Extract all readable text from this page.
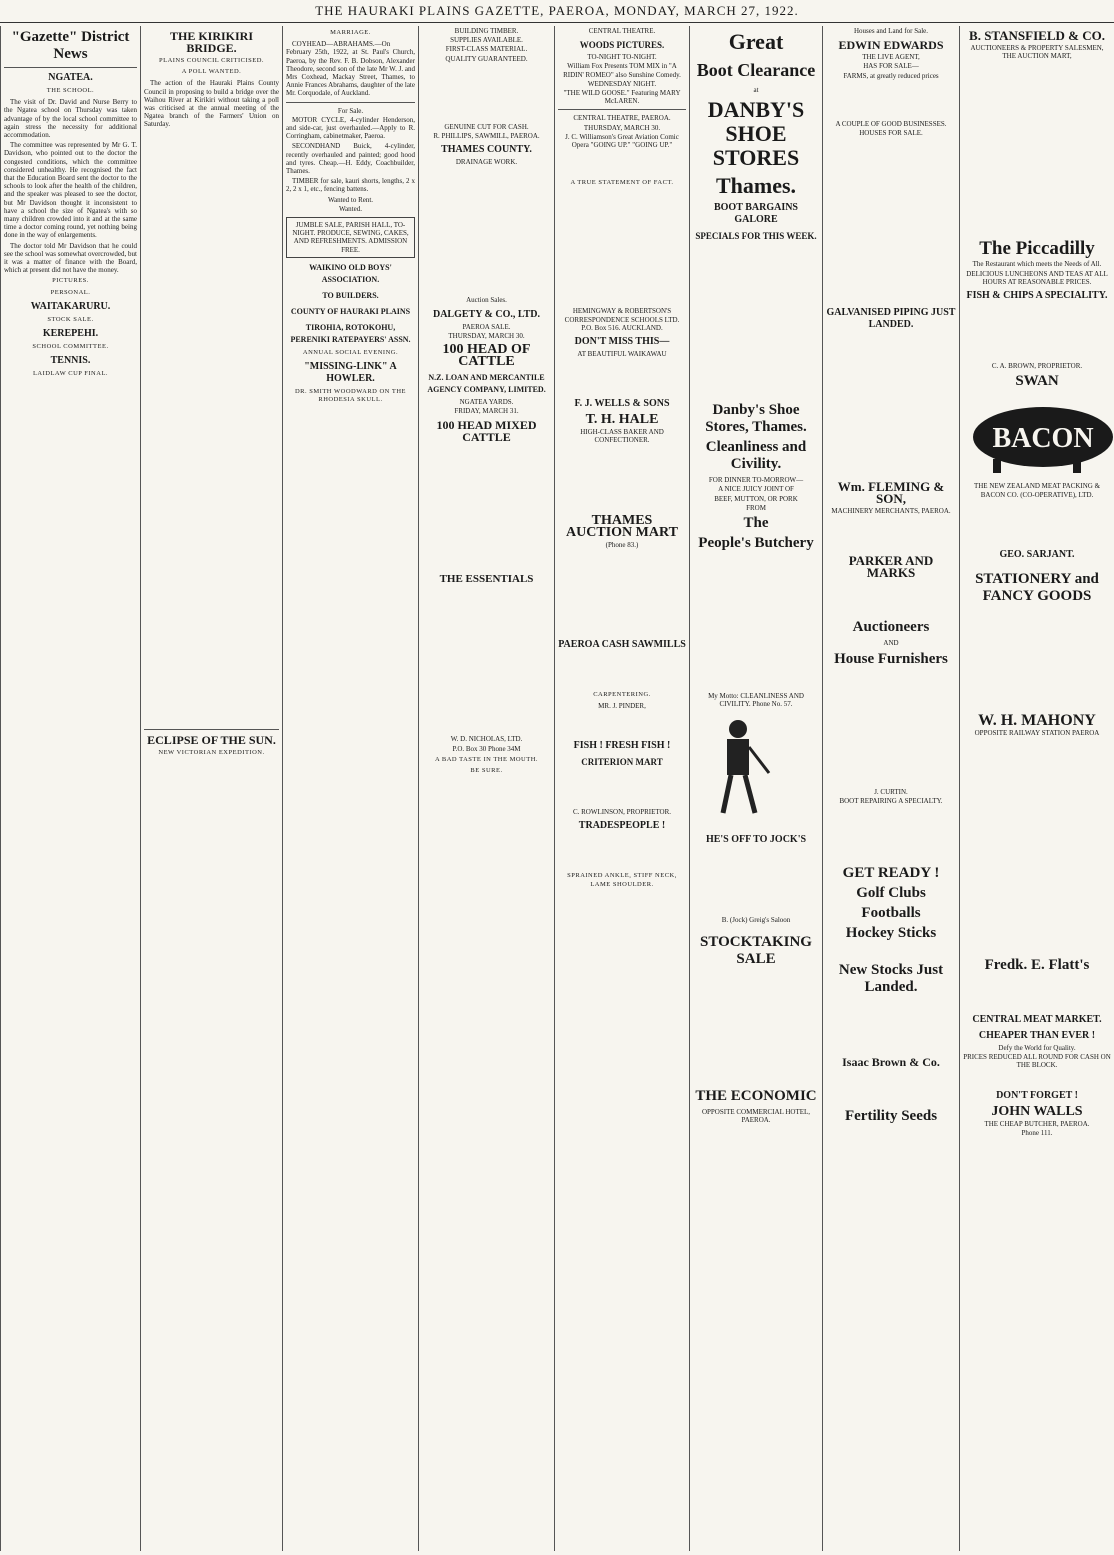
THE HAURAKI PLAINS GAZETTE, PAEROA, MONDAY, MARCH 27, 1922.
"Gazette" District News
NGATEA.
THE SCHOOL.

The visit of Dr. David and Nurse Berry to the Ngatea school on Thursday was taken advantage of by the local school committee to again stress the necessity for additional accommodation.

The committee was represented by Mr G. T. Davidson, who pointed out to the doctor the congested conditions, which the committee considered unhealthy. He recognised the fact that the Education Board sent the doctor to the schools to look after the health of the children, and the speaker was pleased to see the doctor, but Mr Davidson thought it inconsistent to have a school the size of Ngatea's with so many children crowded into it and at the same time a doctor coming round, yet nothing being done in the way of enlargements.

The doctor told Mr Davidson that he could see the school was somewhat overcrowded, but it was a matter of finance with the Board, which at present did not have the money.

PICTURES.
PERSONAL.
WAITAKARURU.
STOCK SALE.
KEREPEHI.
SCHOOL COMMITTEE.
TENNIS.
LAIDLAW CUP FINAL.
THE KIRIKIRI BRIDGE.
PLAINS COUNCIL CRITICISED.
A POLL WANTED.

The action of the Hauraki Plains County Council in proposing to build a bridge over the Waihou River at Kirikiri without taking a poll was criticised at the annual meeting of the Ngatea branch of the Farmers' Union on Saturday.

ECLIPSE OF THE SUN.
NEW VICTORIAN EXPEDITION.
MARRIAGE.

COYHEAD—ABRAHAMS.—On February 25th, 1922, at St. Paul's Church, Paeroa, by the Rev. F. B. Dobson, Alexander Theodore, second son of the late Mr W. J. and Mrs Coxhead, Mackay Street, Thames, to Annie Frances Abrahams, daughter of the late Mr. Corquodale, of Auckland.

For Sale.

MOTOR CYCLE, 4-cylinder Henderson, and side-car, just overhauled.—Apply to R. Corringham, cabinetmaker, Paeroa.

SECONDHAND Buick, 4-cylinder, recently overhauled and painted; good hood and tyres. Cheap.—H. Eddy, Coachbuilder, Thames.

TIMBER for sale, kauri shorts, lengths, 2 x 2, 2 x 1, etc., fencing battens.

Wanted to Rent.
Wanted.
JUMBLE SALE, PARISH HALL, TO-NIGHT. PRODUCE, SEWING, CAKES, AND REFRESHMENTS. ADMISSION FREE.
WAIKINO OLD BOYS' ASSOCIATION.
TO BUILDERS.
COUNTY OF HAURAKI PLAINS
TIROHIA, ROTOKOHU, PERENIKI RATEPAYERS' ASSN.
ANNUAL SOCIAL EVENING.
"MISSING-LINK" A HOWLER.
DR. SMITH WOODWARD ON THE RHODESIA SKULL.
BUILDING TIMBER.
SUPPLIES AVAILABLE.
FIRST-CLASS MATERIAL.
QUALITY GUARANTEED.
GENUINE CUT FOR CASH.
R. PHILLIPS, SAWMILL, PAEROA.
THAMES COUNTY.
DRAINAGE WORK.
Auction Sales.
DALGETY & CO., LTD.
PAEROA SALE.
THURSDAY, MARCH 30.
100 HEAD OF CATTLE
N.Z. LOAN AND MERCANTILE AGENCY COMPANY, LIMITED.
NGATEA YARDS.
FRIDAY, MARCH 31.
100 HEAD MIXED CATTLE
THE ESSENTIALS
W. D. NICHOLAS, LTD.
P.O. Box 30 Phone 34M
A BAD TASTE IN THE MOUTH.
BE SURE.
CENTRAL THEATRE.
WOODS PICTURES.
TO-NIGHT TO-NIGHT.
William Fox Presents TOM MIX in "A RIDIN' ROMEO" also Sunshine Comedy.
WEDNESDAY NIGHT.
"THE WILD GOOSE." Featuring MARY McLAREN.
CENTRAL THEATRE, PAEROA.
THURSDAY, MARCH 30.
J. C. Williamson's Great Aviation Comic Opera "GOING UP." "GOING UP."
A TRUE STATEMENT OF FACT.
HEMINGWAY & ROBERTSON'S CORRESPONDENCE SCHOOLS LTD. P.O. Box 516. AUCKLAND.
DON'T MISS THIS—
AT BEAUTIFUL WAIKAWAU
F. J. WELLS & SONS
T. H. HALE
HIGH-CLASS BAKER AND CONFECTIONER.
THAMES AUCTION MART
(Phone 83.)
PAEROA CASH SAWMILLS
CARPENTERING.
MR. J. PINDER,
FISH ! FRESH FISH !
CRITERION MART
C. ROWLINSON, PROPRIETOR.
TRADESPEOPLE !
SPRAINED ANKLE, STIFF NECK, LAME SHOULDER.
Great
Boot Clearance
at
DANBY'S SHOE STORES
Thames.
BOOT BARGAINS GALORE
SPECIALS FOR THIS WEEK.
Danby's Shoe Stores, Thames.
Cleanliness and Civility.
FOR DINNER TO-MORROW—
A NICE JUICY JOINT OF
BEEF, MUTTON, OR PORK
FROM
The
People's Butchery
My Motto: CLEANLINESS AND CIVILITY. Phone No. 57.
HE'S OFF TO JOCK'S
B. (Jock) Greig's Saloon
STOCKTAKING SALE
THE ECONOMIC
OPPOSITE COMMERCIAL HOTEL, PAEROA.
Houses and Land for Sale.
EDWIN EDWARDS
THE LIVE AGENT,
HAS FOR SALE—
FARMS, at greatly reduced prices
A COUPLE OF GOOD BUSINESSES.
HOUSES FOR SALE.
GALVANISED PIPING JUST LANDED.
Wm. FLEMING & SON,
MACHINERY MERCHANTS, PAEROA.
PARKER AND MARKS
Auctioneers
AND
House Furnishers
J. CURTIN.
BOOT REPAIRING A SPECIALTY.
GET READY !
Golf Clubs
Footballs
Hockey Sticks
New Stocks Just Landed.
Isaac Brown & Co.
Fertility Seeds
B. STANSFIELD & CO.
AUCTIONEERS & PROPERTY SALESMEN, THE AUCTION MART,
The Piccadilly
The Restaurant which meets the Needs of All.
DELICIOUS LUNCHEONS AND TEAS AT ALL HOURS AT REASONABLE PRICES.
FISH & CHIPS A SPECIALITY.
C. A. BROWN, PROPRIETOR.
SWAN
BACON
THE NEW ZEALAND MEAT PACKING & BACON CO. (CO-OPERATIVE), LTD.
GEO. SARJANT.
STATIONERY and FANCY GOODS
W. H. MAHONY
OPPOSITE RAILWAY STATION PAEROA
Fredk. E. Flatt's
CENTRAL MEAT MARKET.
CHEAPER THAN EVER !
Defy the World for Quality.
PRICES REDUCED ALL ROUND FOR CASH ON THE BLOCK.
DON'T FORGET !
JOHN WALLS
THE CHEAP BUTCHER, PAEROA.
Phone 111.
